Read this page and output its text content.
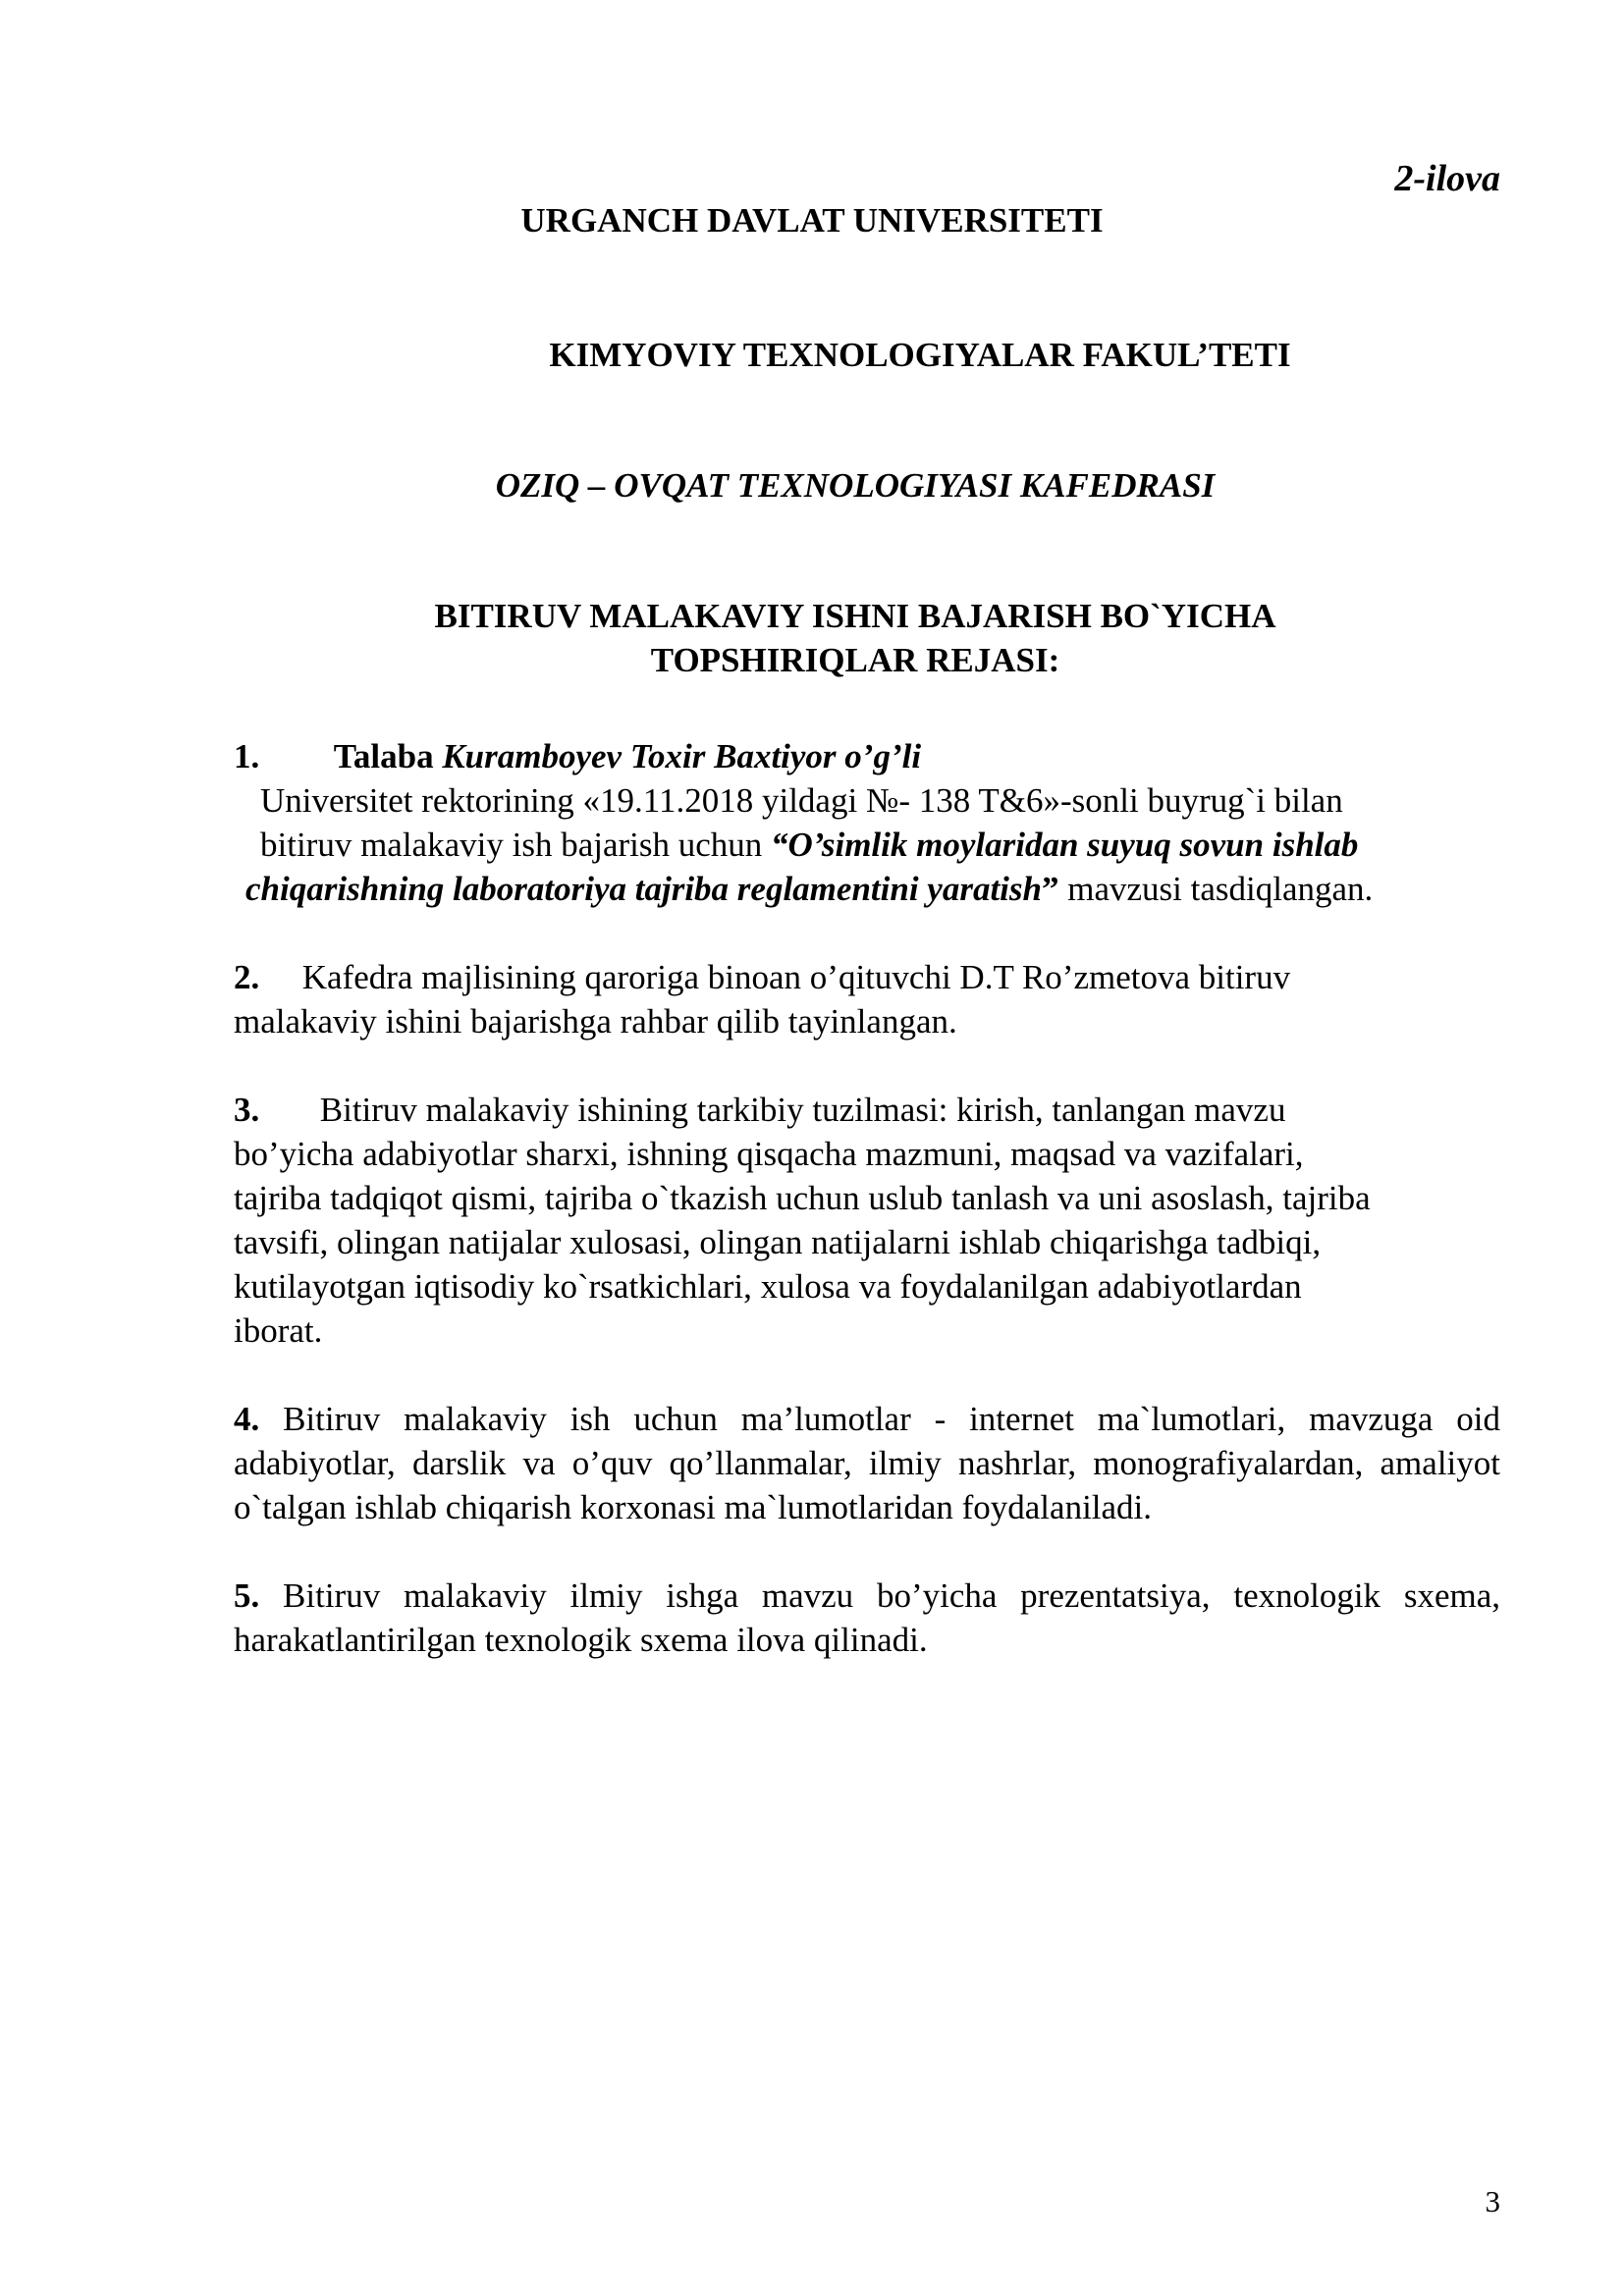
2-ilova
URGANCH DAVLAT UNIVERSITETI
KIMYOVIY TEXNOLOGIYALAR FAKUL’TETI
OZIQ – OVQAT TEXNOLOGIYASI KAFEDRASI
BITIRUV MALAKAVIY ISHNI BAJARISH BO`YICHA
TOPSHIRIQLAR REJASI:
1. Talaba Kuramboyev Toxir Baxtiyor o’g’li
Universitet rektorining «19.11.2018 yildagi №- 138 T&6»-sonli buyrug`i bilan
bitiruv malakaviy ish bajarish uchun “O’simlik moylaridan suyuq sovun ishlab
chiqarishning laboratoriya tajriba reglamentini yaratish” mavzusi tasdiqlangan.
2. Kafedra majlisining qaroriga binoan o’qituvchi D.T Ro’zmetova bitiruv
malakaviy ishini bajarishga rahbar qilib tayinlangan.
3. Bitiruv malakaviy ishining tarkibiy tuzilmasi: kirish, tanlangan mavzu
bo’yicha adabiyotlar sharxi, ishning qisqacha mazmuni, maqsad va vazifalari,
tajriba tadqiqot qismi, tajriba o`tkazish uchun uslub tanlash va uni asoslash, tajriba
tavsifi, olingan natijalar xulosasi, olingan natijalarni ishlab chiqarishga tadbiqi,
kutilayotgan iqtisodiy ko`rsatkichlari, xulosa va foydalanilgan adabiyotlardan
iborat.
4. Bitiruv malakaviy ish uchun ma’lumotlar - internet ma`lumotlari, mavzuga oid adabiyotlar, darslik va o’quv qo’llanmalar, ilmiy nashrlar, monografiyalardan, amaliyot o`talgan ishlab chiqarish korxonasi ma`lumotlaridan foydalaniladi.
5. Bitiruv malakaviy ilmiy ishga mavzu bo’yicha prezentatsiya, texnologik sxema, harakatlantirilgan texnologik sxema ilova qilinadi.
3
